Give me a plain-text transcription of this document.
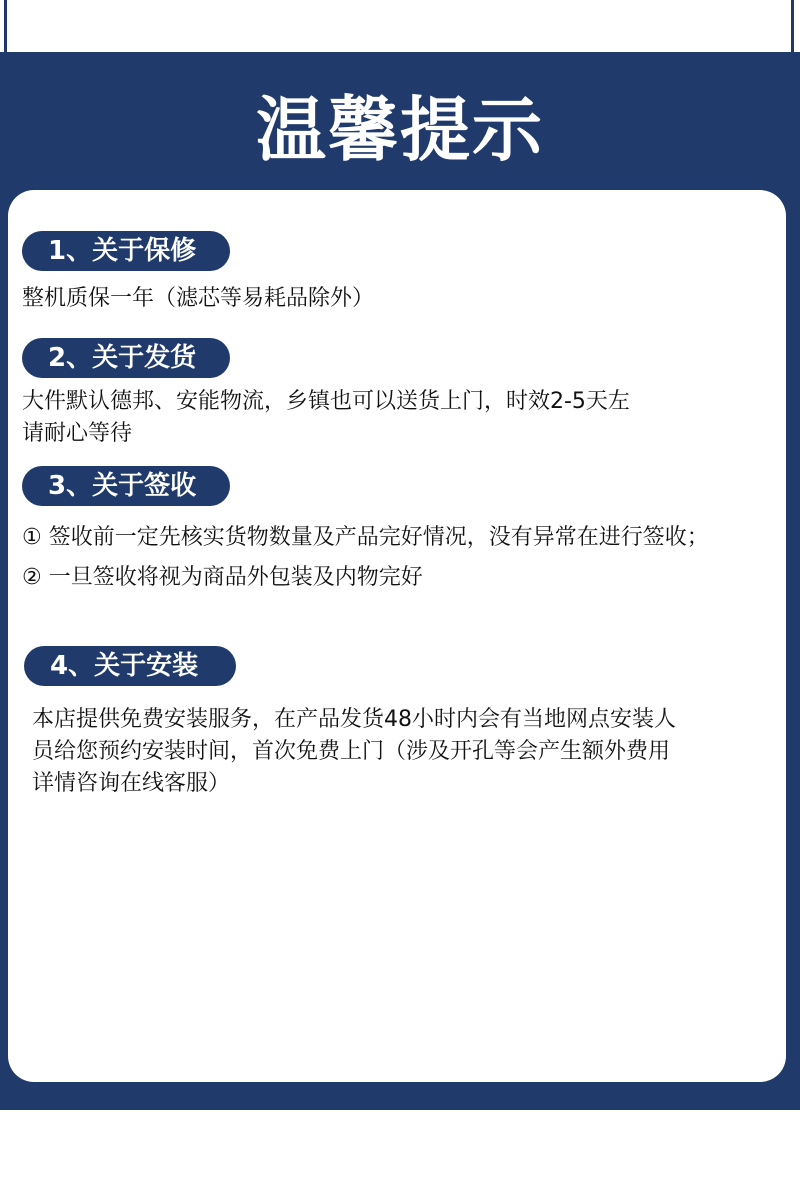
温馨提示
1、关于保修
整机质保一年（滤芯等易耗品除外）
2、关于发货
大件默认德邦、安能物流，乡镇也可以送货上门，时效2-5天左
请耐心等待
3、关于签收
① 签收前一定先核实货物数量及产品完好情况，没有异常在进行签收；
② 一旦签收将视为商品外包装及内物完好
4、关于安装
本店提供免费安装服务，在产品发货48小时内会有当地网点安装人
员给您预约安装时间，首次免费上门（涉及开孔等会产生额外费用
详情咨询在线客服）
